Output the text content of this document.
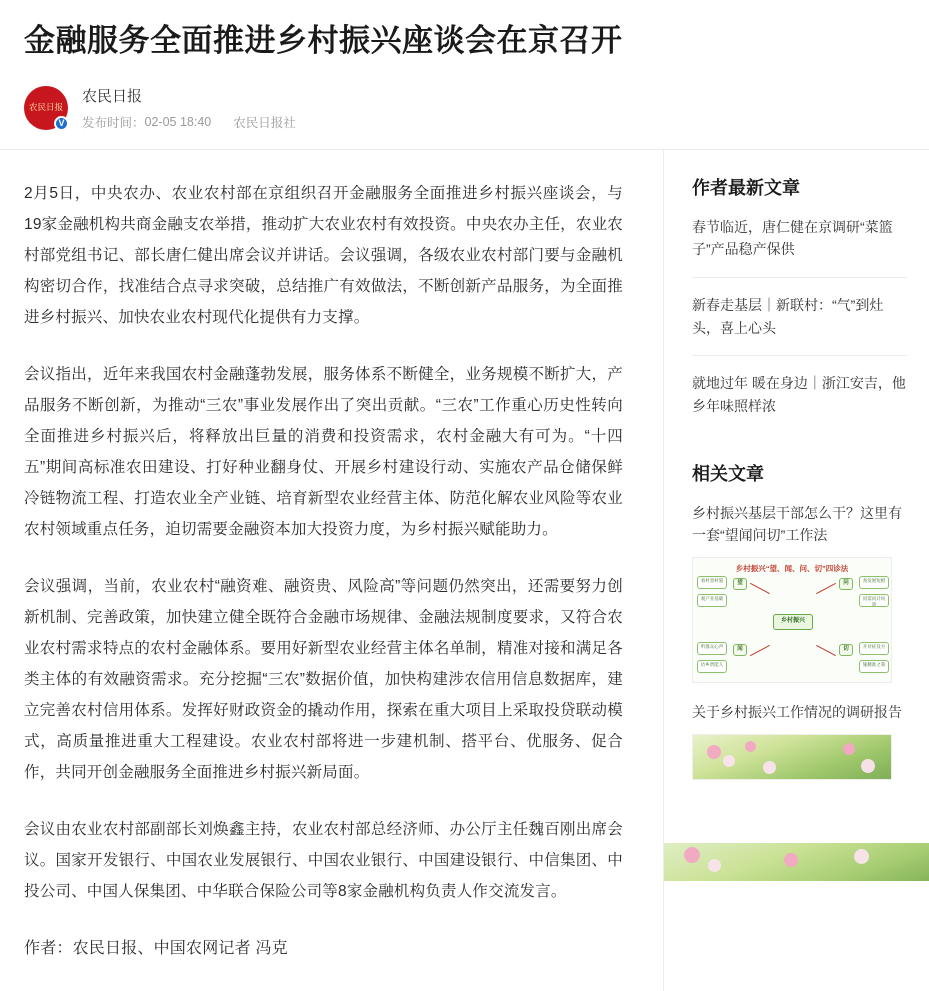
金融服务全面推进乡村振兴座谈会在京召开
农民日报
V
农民日报
发布时间： 02-05 18:40 农民日报社

2月5日，中央农办、农业农村部在京组织召开金融服务全面推进乡村振兴座谈会，与19家金融机构共商金融支农举措，推动扩大农业农村有效投资。中央农办主任，农业农村部党组书记、部长唐仁健出席会议并讲话。会议强调，各级农业农村部门要与金融机构密切合作，找准结合点寻求突破，总结推广有效做法，不断创新产品服务，为全面推进乡村振兴、加快农业农村现代化提供有力支撑。

会议指出，近年来我国农村金融蓬勃发展，服务体系不断健全，业务规模不断扩大，产品服务不断创新，为推动“三农”事业发展作出了突出贡献。“三农”工作重心历史性转向全面推进乡村振兴后，将释放出巨量的消费和投资需求，农村金融大有可为。“十四五”期间高标准农田建设、打好种业翻身仗、开展乡村建设行动、实施农产品仓储保鲜冷链物流工程、打造农业全产业链、培育新型农业经营主体、防范化解农业风险等农业农村领域重点任务，迫切需要金融资本加大投资力度，为乡村振兴赋能助力。

会议强调，当前，农业农村“融资难、融资贵、风险高”等问题仍然突出，还需要努力创新机制、完善政策，加快建立健全既符合金融市场规律、金融法规制度要求，又符合农业农村需求特点的农村金融体系。要用好新型农业经营主体名单制，精准对接和满足各类主体的有效融资需求。充分挖掘“三农”数据价值，加快构建涉农信用信息数据库，建立完善农村信用体系。发挥好财政资金的撬动作用，探索在重大项目上采取投贷联动模式，高质量推进重大工程建设。农业农村部将进一步建机制、搭平台、优服务、促合作，共同开创金融服务全面推进乡村振兴新局面。

会议由农业农村部副部长刘焕鑫主持，农业农村部总经济师、办公厅主任魏百刚出席会议。国家开发银行、中国农业发展银行、中国农业银行、中国建设银行、中信集团、中投公司、中国人保集团、中华联合保险公司等8家金融机构负责人作交流发言。

作者：农民日报、中国农网记者 冯克

作者最新文章
春节临近，唐仁健在京调研“菜篮子”产品稳产保供
新春走基层｜新联村：“气”到灶头，喜上心头
就地过年 暖在身边｜浙江安吉，他乡年味照样浓
相关文章
乡村振兴基层干部怎么干？这里有一套“望闻问切”工作法
乡村振兴“望、闻、问、切”四诊法
乡村振兴
望
闻
问
切
看村容村貌
观产业基础
听群众心声
访乡贤能人
查发展短板
问需问计问效
开对症良方
施精准之策
关于乡村振兴工作情况的调研报告
